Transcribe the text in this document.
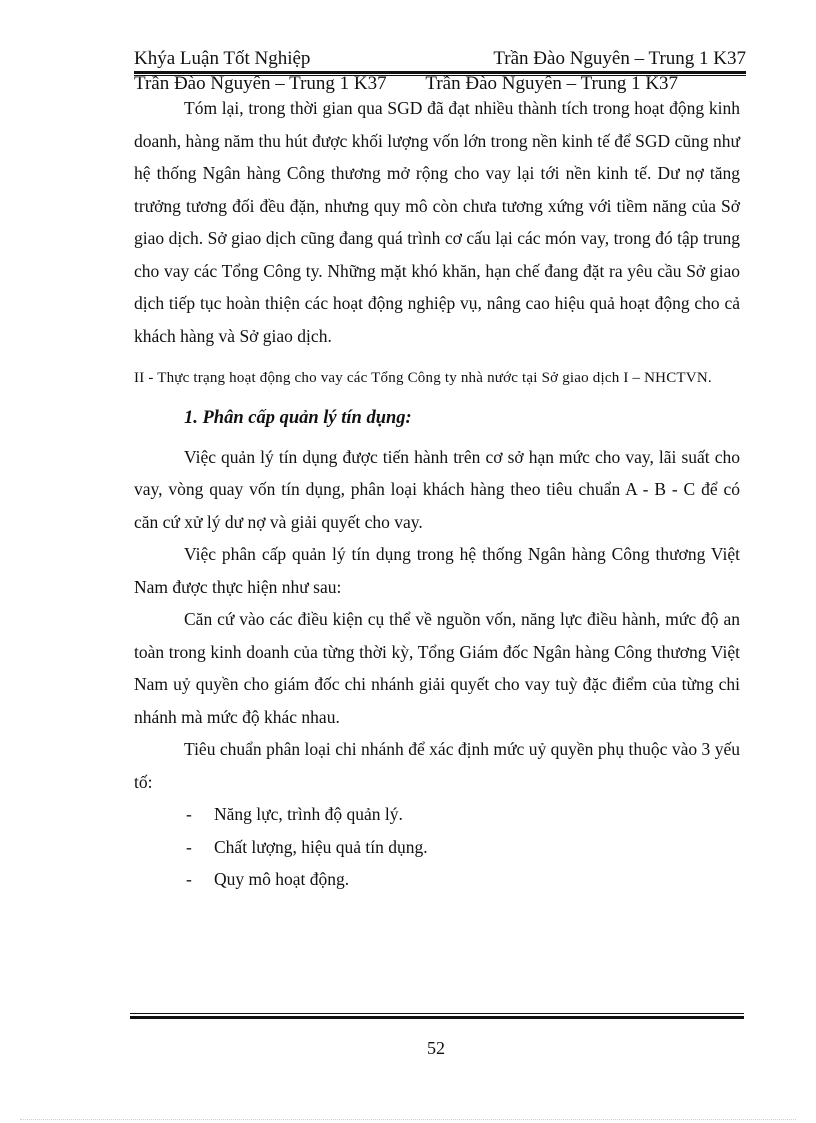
Khýa Luận Tốt Nghiệp	Trần Đào Nguyên – Trung 1 K37
Trần Đào Nguyên – Trung 1 K37 Trần Đào Nguyên – Trung 1 K37

Tóm lại, trong thời gian qua SGD đã đạt nhiều thành tích trong hoạt động kinh doanh, hàng năm thu hút được khối lượng vốn lớn trong nền kinh tế để SGD cũng như hệ thống Ngân hàng Công thương mở rộng cho vay lại tới nền kinh tế. Dư nợ tăng trưởng tương đối đều đặn, nhưng quy mô còn chưa tương xứng với tiềm năng của Sở giao dịch. Sở giao dịch cũng đang quá trình cơ cấu lại các món vay, trong đó tập trung cho vay các Tổng Công ty. Những mặt khó khăn, hạn chế đang đặt ra yêu cầu Sở giao dịch tiếp tục hoàn thiện các hoạt động nghiệp vụ, nâng cao hiệu quả hoạt động cho cả khách hàng và Sở giao dịch.

II - Thực trạng hoạt động cho vay các Tổng Công ty nhà nước tại Sở giao dịch I – NHCTVN.

1. Phân cấp quản lý tín dụng:

Việc quản lý tín dụng được tiến hành trên cơ sở hạn mức cho vay, lãi suất cho vay, vòng quay vốn tín dụng, phân loại khách hàng theo tiêu chuẩn A - B - C để có căn cứ xử lý dư nợ và giải quyết cho vay.

Việc phân cấp quản lý tín dụng trong hệ thống Ngân hàng Công thương Việt Nam được thực hiện như sau:

Căn cứ vào các điều kiện cụ thể về nguồn vốn, năng lực điều hành, mức độ an toàn trong kinh doanh của từng thời kỳ, Tổng Giám đốc Ngân hàng Công thương Việt Nam uỷ quyền cho giám đốc chi nhánh giải quyết cho vay tuỳ đặc điểm của từng chi nhánh mà mức độ khác nhau.

Tiêu chuẩn phân loại chi nhánh để xác định mức uỷ quyền phụ thuộc vào 3 yếu tố:

- Năng lực, trình độ quản lý.

- Chất lượng, hiệu quả tín dụng.

- Quy mô hoạt động.

52
